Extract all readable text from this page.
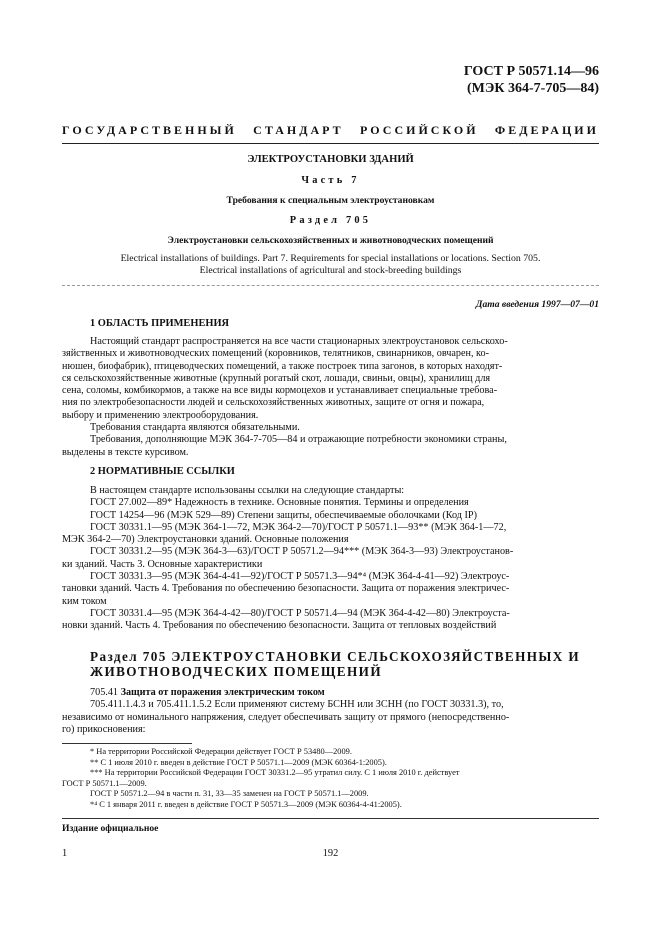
ГОСТ Р 50571.14—96
(МЭК 364-7-705—84)
ГОСУДАРСТВЕННЫЙ СТАНДАРТ РОССИЙСКОЙ ФЕДЕРАЦИИ
ЭЛЕКТРОУСТАНОВКИ ЗДАНИЙ
Часть 7
Требования к специальным электроустановкам
Раздел 705
Электроустановки сельскохозяйственных и животноводческих помещений
Electrical installations of buildings. Part 7. Requirements for special installations or locations. Section 705.
Electrical installations of agricultural and stock-breeding buildings
Дата введения 1997—07—01
1 ОБЛАСТЬ ПРИМЕНЕНИЯ
Настоящий стандарт распространяется на все части стационарных электроустановок сельскохо-
зяйственных и животноводческих помещений (коровников, телятников, свинарников, овчарен, ко-
нюшен, биофабрик), птицеводческих помещений, а также построек типа загонов, в которых находят-
ся сельскохозяйственные животные (крупный рогатый скот, лошади, свиньи, овцы), хранилищ для
сена, соломы, комбикормов, а также на все виды кормоцехов и устанавливает специальные требова-
ния по электробезопасности людей и сельскохозяйственных животных, защите от огня и пожара,
выбору и применению электрооборудования.
Требования стандарта являются обязательными.
Требования, дополняющие МЭК 364-7-705—84 и отражающие потребности экономики страны,
выделены в тексте курсивом.
2 НОРМАТИВНЫЕ ССЫЛКИ
В настоящем стандарте использованы ссылки на следующие стандарты:
ГОСТ 27.002—89* Надежность в технике. Основные понятия. Термины и определения
ГОСТ 14254—96 (МЭК 529—89) Степени защиты, обеспечиваемые оболочками (Код IP)
ГОСТ 30331.1—95 (МЭК 364-1—72, МЭК 364-2—70)/ГОСТ Р 50571.1—93** (МЭК 364-1—72,
МЭК 364-2—70) Электроустановки зданий. Основные положения
ГОСТ 30331.2—95 (МЭК 364-3—63)/ГОСТ Р 50571.2—94*** (МЭК 364-3—93) Электроустанов-
ки зданий. Часть 3. Основные характеристики
ГОСТ 30331.3—95 (МЭК 364-4-41—92)/ГОСТ Р 50571.3—94*⁴ (МЭК 364-4-41—92) Электроус-
тановки зданий. Часть 4. Требования по обеспечению безопасности. Защита от поражения электричес-
ким током
ГОСТ 30331.4—95 (МЭК 364-4-42—80)/ГОСТ Р 50571.4—94 (МЭК 364-4-42—80) Электроуста-
новки зданий. Часть 4. Требования по обеспечению безопасности. Защита от тепловых воздействий
Раздел 705 ЭЛЕКТРОУСТАНОВКИ СЕЛЬСКОХОЗЯЙСТВЕННЫХ И
ЖИВОТНОВОДЧЕСКИХ ПОМЕЩЕНИЙ
705.41 Защита от поражения электрическим током
705.411.1.4.3 и 705.411.1.5.2 Если применяют систему БСНН или ЗСНН (по ГОСТ 30331.3), то,
независимо от номинального напряжения, следует обеспечивать защиту от прямого (непосредственно-
го) прикосновения:
* На территории Российской Федерации действует ГОСТ Р 53480—2009.
** С 1 июля 2010 г. введен в действие ГОСТ Р 50571.1—2009 (МЭК 60364-1:2005).
*** На территории Российской Федерации ГОСТ 30331.2—95 утратил силу. С 1 июля 2010 г. действует
ГОСТ Р 50571.1—2009.
ГОСТ Р 50571.2—94 в части п. 31, 33—35 заменен на ГОСТ Р 50571.1—2009.
*⁴ С 1 января 2011 г. введен в действие ГОСТ Р 50571.3—2009 (МЭК 60364-4-41:2005).
Издание официальное
1	192
